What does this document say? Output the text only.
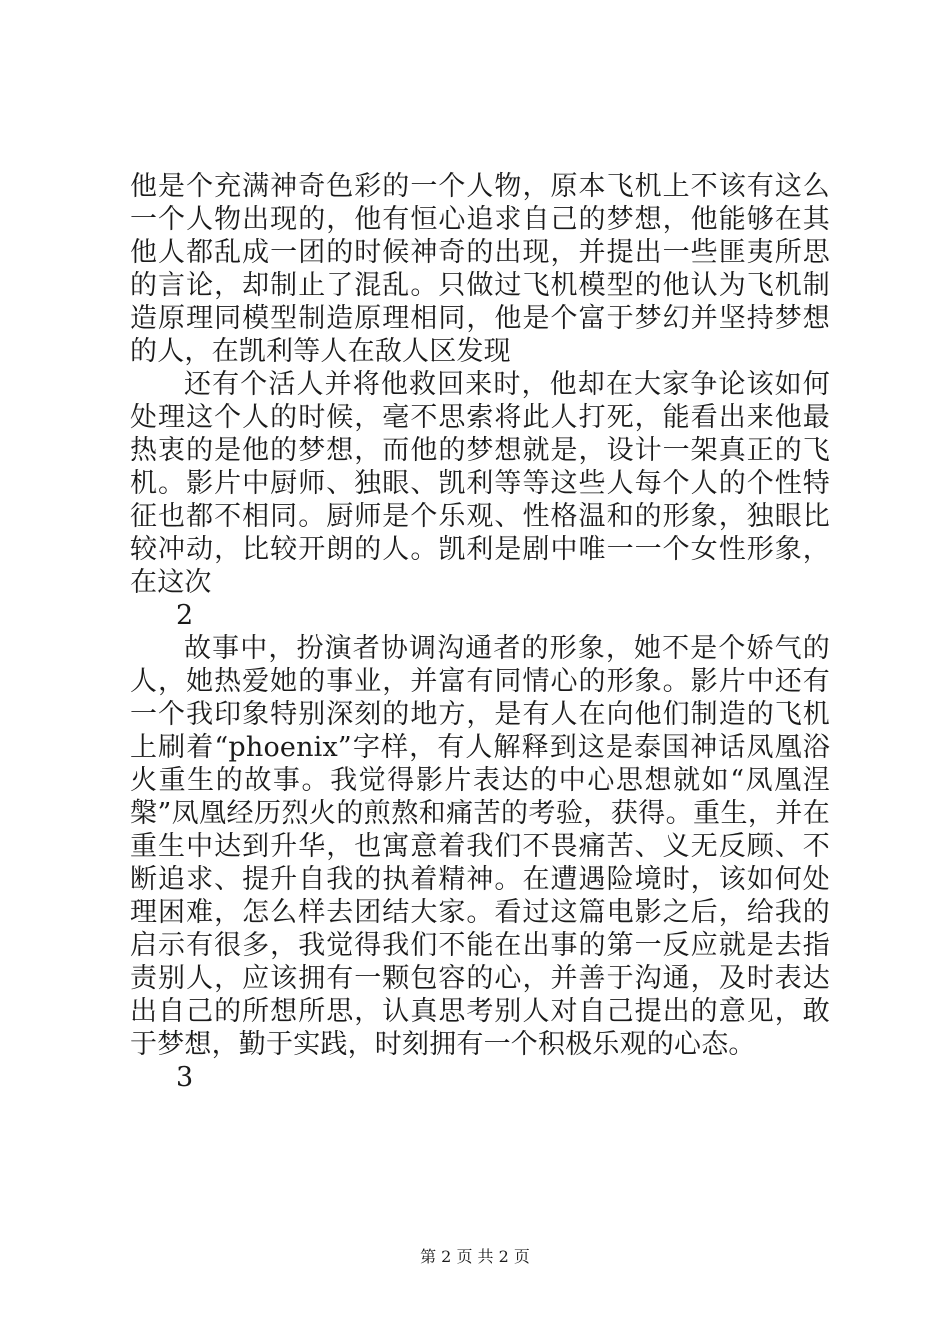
他是个充满神奇色彩的一个人物，原本飞机上不该有这么一个人物出现的，他有恒心追求自己的梦想，他能够在其他人都乱成一团的时候神奇的出现，并提出一些匪夷所思的言论，却制止了混乱。只做过飞机模型的他认为飞机制造原理同模型制造原理相同，他是个富于梦幻并坚持梦想的人，在凯利等人在敌人区发现

还有个活人并将他救回来时，他却在大家争论该如何处理这个人的时候，毫不思索将此人打死，能看出来他最热衷的是他的梦想，而他的梦想就是，设计一架真正的飞机。影片中厨师、独眼、凯利等等这些人每个人的个性特征也都不相同。厨师是个乐观、性格温和的形象，独眼比较冲动，比较开朗的人。凯利是剧中唯一一个女性形象，在这次

2

故事中，扮演者协调沟通者的形象，她不是个娇气的人，她热爱她的事业，并富有同情心的形象。影片中还有一个我印象特别深刻的地方，是有人在向他们制造的飞机上刷着“phoenix”字样，有人解释到这是泰国神话凤凰浴火重生的故事。我觉得影片表达的中心思想就如“凤凰涅槃”凤凰经历烈火的煎熬和痛苦的考验，获得。重生，并在重生中达到升华，也寓意着我们不畏痛苦、义无反顾、不断追求、提升自我的执着精神。在遭遇险境时，该如何处理困难，怎么样去团结大家。看过这篇电影之后，给我的启示有很多，我觉得我们不能在出事的第一反应就是去指责别人，应该拥有一颗包容的心，并善于沟通，及时表达出自己的所想所思，认真思考别人对自己提出的意见，敢于梦想，勤于实践，时刻拥有一个积极乐观的心态。

3

第 2 页 共 2 页
